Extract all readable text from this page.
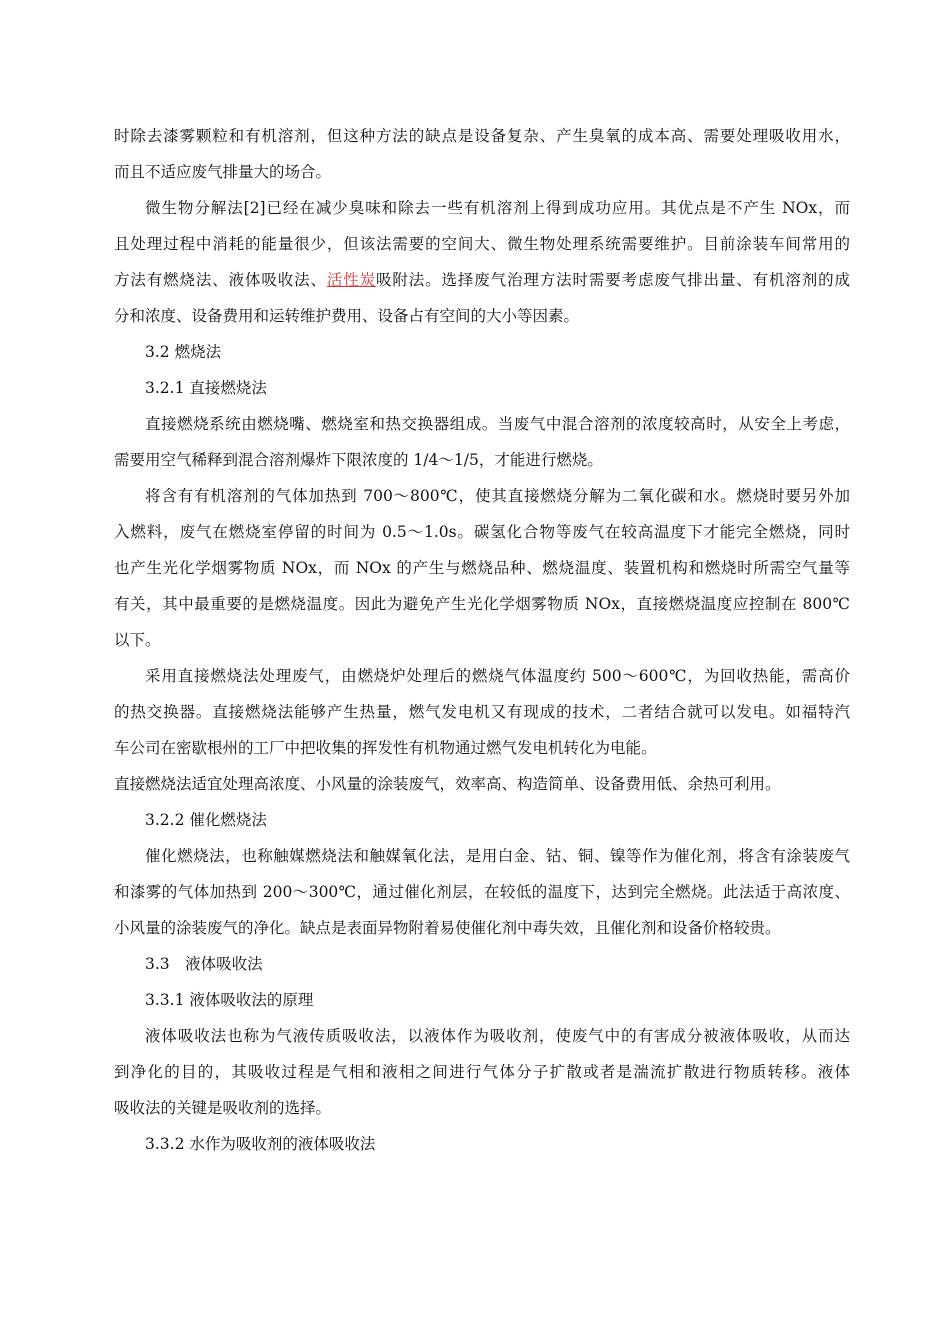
时除去漆雾颗粒和有机溶剂，但这种方法的缺点是设备复杂、产生臭氧的成本高、需要处理吸收用水，
而且不适应废气排量大的场合。
微生物分解法[2]已经在减少臭味和除去一些有机溶剂上得到成功应用。其优点是不产生 NOx，而
且处理过程中消耗的能量很少，但该法需要的空间大、微生物处理系统需要维护。目前涂装车间常用的
方法有燃烧法、液体吸收法、活性炭吸附法。选择废气治理方法时需要考虑废气排出量、有机溶剂的成
分和浓度、设备费用和运转维护费用、设备占有空间的大小等因素。
3.2 燃烧法
3.2.1 直接燃烧法
直接燃烧系统由燃烧嘴、燃烧室和热交换器组成。当废气中混合溶剂的浓度较高时，从安全上考虑，
需要用空气稀释到混合溶剂爆炸下限浓度的 1/4～1/5，才能进行燃烧。
将含有有机溶剂的气体加热到 700～800℃，使其直接燃烧分解为二氧化碳和水。燃烧时要另外加
入燃料，废气在燃烧室停留的时间为 0.5～1.0s。碳氢化合物等废气在较高温度下才能完全燃烧，同时
也产生光化学烟雾物质 NOx，而 NOx 的产生与燃烧品种、燃烧温度、装置机构和燃烧时所需空气量等
有关，其中最重要的是燃烧温度。因此为避免产生光化学烟雾物质 NOx，直接燃烧温度应控制在 800℃
以下。
采用直接燃烧法处理废气，由燃烧炉处理后的燃烧气体温度约 500～600℃，为回收热能，需高价
的热交换器。直接燃烧法能够产生热量，燃气发电机又有现成的技术，二者结合就可以发电。如福特汽
车公司在密歇根州的工厂中把收集的挥发性有机物通过燃气发电机转化为电能。
直接燃烧法适宜处理高浓度、小风量的涂装废气，效率高、构造简单、设备费用低、余热可利用。
3.2.2 催化燃烧法
催化燃烧法，也称触媒燃烧法和触媒氧化法，是用白金、钴、铜、镍等作为催化剂，将含有涂装废气
和漆雾的气体加热到 200～300℃，通过催化剂层，在较低的温度下，达到完全燃烧。此法适于高浓度、
小风量的涂装废气的净化。缺点是表面异物附着易使催化剂中毒失效，且催化剂和设备价格较贵。
3.3　液体吸收法
3.3.1 液体吸收法的原理
液体吸收法也称为气液传质吸收法，以液体作为吸收剂，使废气中的有害成分被液体吸收，从而达
到净化的目的，其吸收过程是气相和液相之间进行气体分子扩散或者是湍流扩散进行物质转移。液体
吸收法的关键是吸收剂的选择。
3.3.2 水作为吸收剂的液体吸收法
